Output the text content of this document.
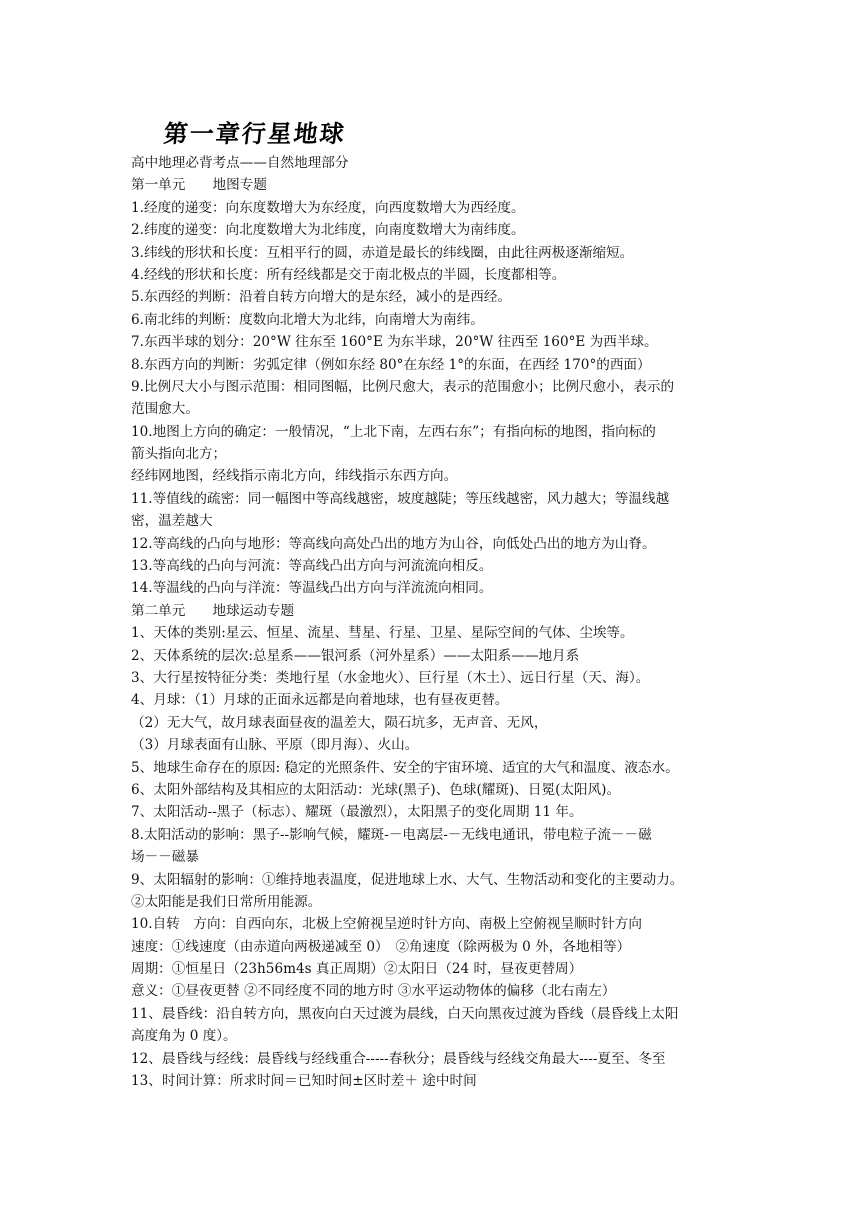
第一章行星地球
高中地理必背考点——自然地理部分
第一单元　　地图专题
1.经度的递变：向东度数增大为东经度，向西度数增大为西经度。
2.纬度的递变：向北度数增大为北纬度，向南度数增大为南纬度。
3.纬线的形状和长度：互相平行的圆，赤道是最长的纬线圈，由此往两极逐渐缩短。
4.经线的形状和长度：所有经线都是交于南北极点的半圆，长度都相等。
5.东西经的判断：沿着自转方向增大的是东经，减小的是西经。
6.南北纬的判断：度数向北增大为北纬，向南增大为南纬。
7.东西半球的划分：20°W 往东至 160°E 为东半球，20°W 往西至 160°E 为西半球。
8.东西方向的判断：劣弧定律（例如东经 80°在东经 1°的东面，在西经 170°的西面）
9.比例尺大小与图示范围：相同图幅，比例尺愈大，表示的范围愈小；比例尺愈小，表示的
范围愈大。
10.地图上方向的确定：一般情况，“上北下南，左西右东”；有指向标的地图，指向标的
箭头指向北方；
经纬网地图，经线指示南北方向，纬线指示东西方向。
11.等值线的疏密：同一幅图中等高线越密，坡度越陡；等压线越密，风力越大；等温线越
密，温差越大
12.等高线的凸向与地形：等高线向高处凸出的地方为山谷，向低处凸出的地方为山脊。
13.等高线的凸向与河流：等高线凸出方向与河流流向相反。
14.等温线的凸向与洋流：等温线凸出方向与洋流流向相同。
第二单元　　地球运动专题
1、天体的类别:星云、恒星、流星、彗星、行星、卫星、星际空间的气体、尘埃等。
2、天体系统的层次:总星系——银河系（河外星系）——太阳系——地月系
3、大行星按特征分类：类地行星（水金地火）、巨行星（木土）、远日行星（天、海）。
4、月球：（1）月球的正面永远都是向着地球，也有昼夜更替。
（2）无大气，故月球表面昼夜的温差大，陨石坑多，无声音、无风，
（3）月球表面有山脉、平原（即月海）、火山。
5、地球生命存在的原因: 稳定的光照条件、安全的宇宙环境、适宜的大气和温度、液态水。
6、太阳外部结构及其相应的太阳活动：光球(黑子)、色球(耀斑)、日冕(太阳风)。
7、太阳活动--黑子（标志）、耀斑（最激烈），太阳黑子的变化周期 11 年。
8.太阳活动的影响：黑子--影响气候，耀斑-－电离层-－无线电通讯，带电粒子流－－磁
场－－磁暴
9、太阳辐射的影响：①维持地表温度，促进地球上水、大气、生物活动和变化的主要动力。
②太阳能是我们日常所用能源。
10.自转　方向：自西向东，北极上空俯视呈逆时针方向、南极上空俯视呈顺时针方向
速度：①线速度（由赤道向两极递减至 0）　②角速度（除两极为 0 外，各地相等）
周期：①恒星日（23h56m4s 真正周期）②太阳日（24 时，昼夜更替周）
意义：①昼夜更替 ②不同经度不同的地方时 ③水平运动物体的偏移（北右南左）
11、晨昏线：沿自转方向，黑夜向白天过渡为晨线，白天向黑夜过渡为昏线（晨昏线上太阳
高度角为 0 度）。
12、晨昏线与经线：晨昏线与经线重合-----春秋分；晨昏线与经线交角最大----夏至、冬至
13、时间计算：所求时间＝已知时间±区时差＋ 途中时间
